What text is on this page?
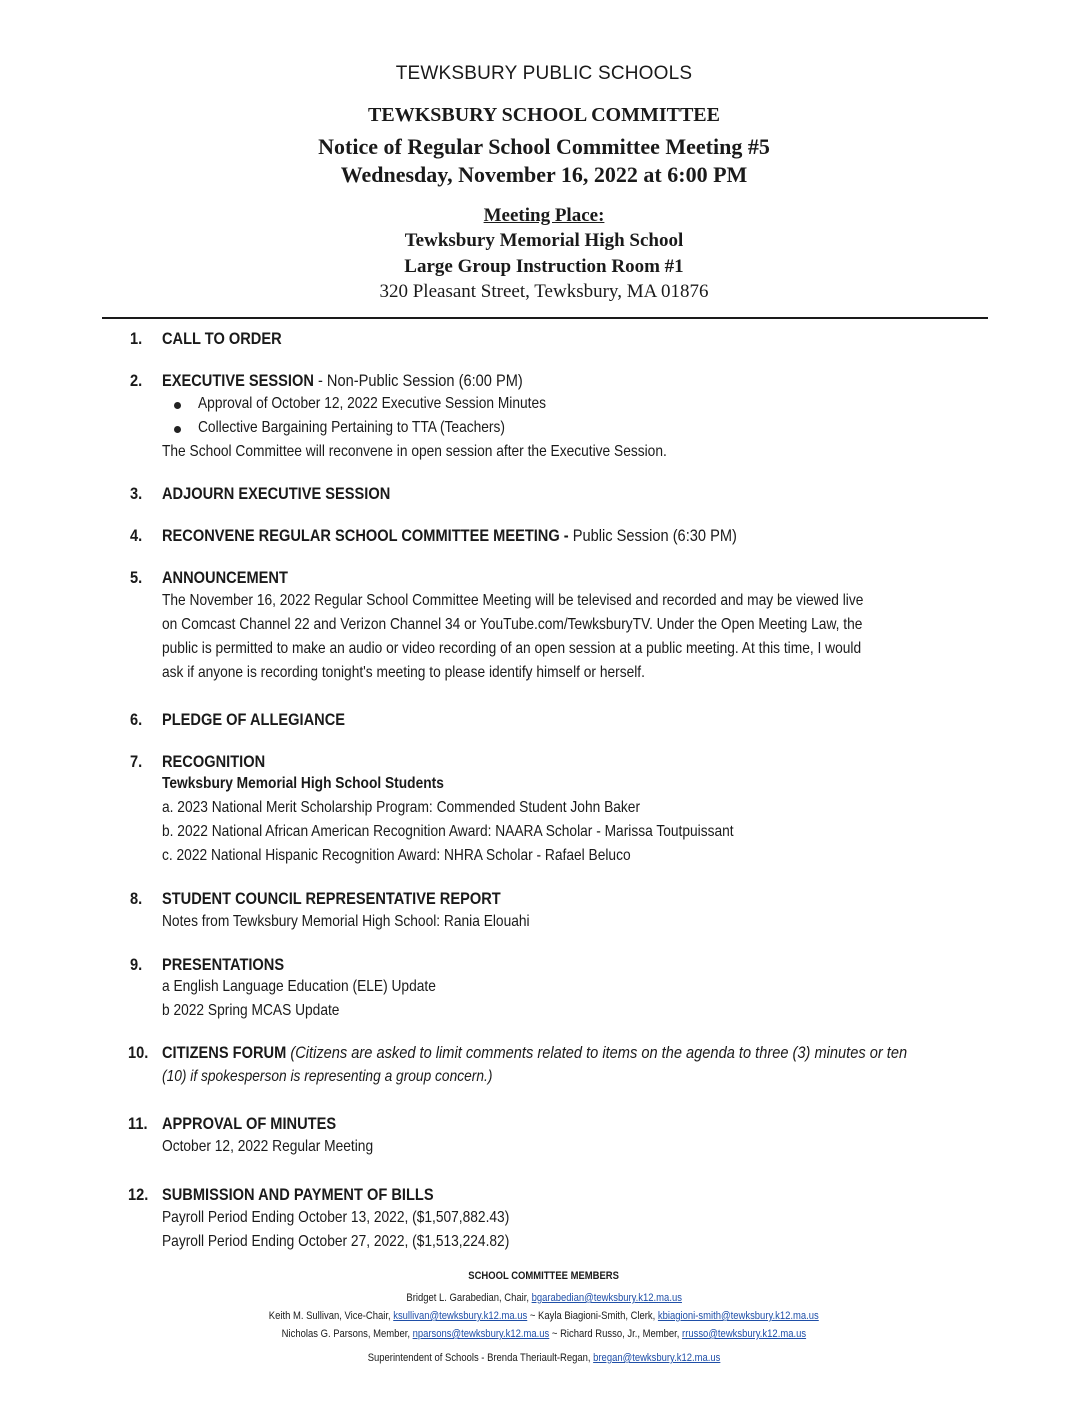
TEWKSBURY PUBLIC SCHOOLS
TEWKSBURY SCHOOL COMMITTEE
Notice of Regular School Committee Meeting #5
Wednesday, November 16, 2022 at 6:00 PM
Meeting Place:
Tewksbury Memorial High School
Large Group Instruction Room #1
320 Pleasant Street, Tewksbury, MA 01876
1. CALL TO ORDER
2. EXECUTIVE SESSION - Non-Public Session (6:00 PM)
Approval of October 12, 2022 Executive Session Minutes
Collective Bargaining Pertaining to TTA (Teachers)
The School Committee will reconvene in open session after the Executive Session.
3. ADJOURN EXECUTIVE SESSION
4. RECONVENE REGULAR SCHOOL COMMITTEE MEETING - Public Session (6:30 PM)
5. ANNOUNCEMENT
The November 16, 2022 Regular School Committee Meeting will be televised and recorded and may be viewed live
on Comcast Channel 22 and Verizon Channel 34 or YouTube.com/TewksburyTV. Under the Open Meeting Law, the
public is permitted to make an audio or video recording of an open session at a public meeting. At this time, I would
ask if anyone is recording tonight's meeting to please identify himself or herself.
6. PLEDGE OF ALLEGIANCE
7. RECOGNITION
Tewksbury Memorial High School Students
a. 2023 National Merit Scholarship Program: Commended Student John Baker
b. 2022 National African American Recognition Award: NAARA Scholar - Marissa Toutpuissant
c. 2022 National Hispanic Recognition Award: NHRA Scholar - Rafael Beluco
8. STUDENT COUNCIL REPRESENTATIVE REPORT
Notes from Tewksbury Memorial High School: Rania Elouahi
9. PRESENTATIONS
a English Language Education (ELE) Update
b 2022 Spring MCAS Update
10. CITIZENS FORUM (Citizens are asked to limit comments related to items on the agenda to three (3) minutes or ten
(10) if spokesperson is representing a group concern.)
11. APPROVAL OF MINUTES
October 12, 2022 Regular Meeting
12. SUBMISSION AND PAYMENT OF BILLS
Payroll Period Ending October 13, 2022, ($1,507,882.43)
Payroll Period Ending October 27, 2022, ($1,513,224.82)
SCHOOL COMMITTEE MEMBERS
Bridget L. Garabedian, Chair, bgarabedian@tewksbury.k12.ma.us
Keith M. Sullivan, Vice-Chair, ksullivan@tewksbury.k12.ma.us ~ Kayla Biagioni-Smith, Clerk, kbiagioni-smith@tewksbury.k12.ma.us
Nicholas G. Parsons, Member, nparsons@tewksbury.k12.ma.us ~ Richard Russo, Jr., Member, rrusso@tewksbury.k12.ma.us
Superintendent of Schools - Brenda Theriault-Regan, bregan@tewksbury.k12.ma.us
